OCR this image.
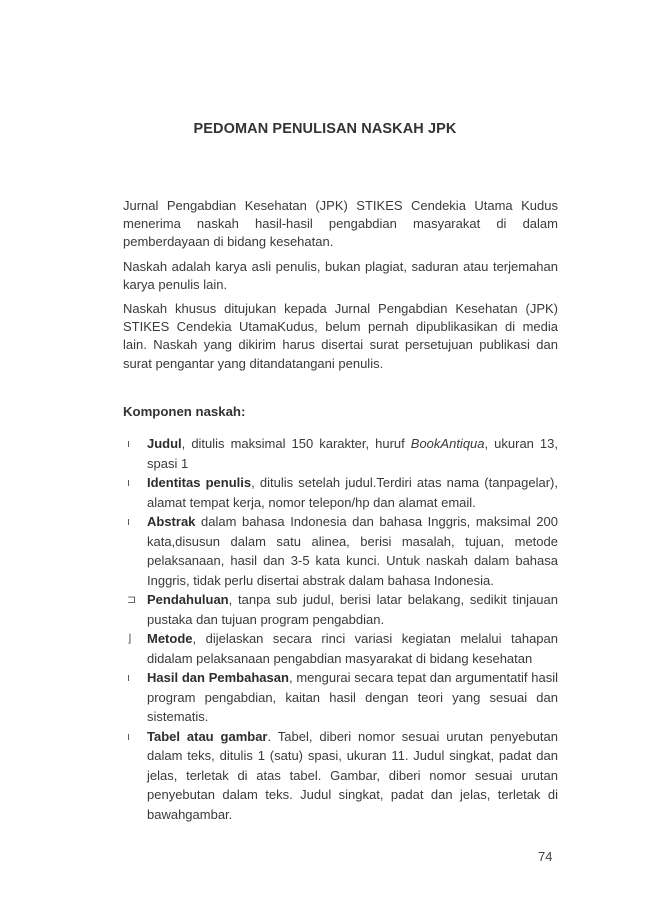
PEDOMAN PENULISAN NASKAH JPK

Jurnal Pengabdian Kesehatan (JPK) STIKES Cendekia Utama Kudus menerima naskah hasil-hasil pengabdian masyarakat di dalam pemberdayaan di bidang kesehatan.

Naskah adalah karya asli penulis, bukan plagiat, saduran atau terjemahan karya penulis lain.

Naskah khusus ditujukan kepada Jurnal Pengabdian Kesehatan (JPK) STIKES Cendekia UtamaKudus, belum pernah dipublikasikan di media lain. Naskah yang dikirim harus disertai surat persetujuan publikasi dan surat pengantar yang ditandatangani penulis.

Komponen naskah:
ı Judul, ditulis maksimal 150 karakter, huruf BookAntiqua, ukuran 13, spasi 1
ı Identitas penulis, ditulis setelah judul.Terdiri atas nama (tanpagelar), alamat tempat kerja, nomor telepon/hp dan alamat email.
ı Abstrak dalam bahasa Indonesia dan bahasa Inggris, maksimal 200 kata,disusun dalam satu alinea, berisi masalah, tujuan, metode pelaksanaan, hasil dan 3-5 kata kunci. Untuk naskah dalam bahasa Inggris, tidak perlu disertai abstrak dalam bahasa Indonesia.
⊐ Pendahuluan, tanpa sub judul, berisi latar belakang, sedikit tinjauan pustaka dan tujuan program pengabdian.
⌋ Metode, dijelaskan secara rinci variasi kegiatan melalui tahapan didalam pelaksanaan pengabdian masyarakat di bidang kesehatan
ı Hasil dan Pembahasan, mengurai secara tepat dan argumentatif hasil program pengabdian, kaitan hasil dengan teori yang sesuai dan sistematis.
ı Tabel atau gambar. Tabel, diberi nomor sesuai urutan penyebutan dalam teks, ditulis 1 (satu) spasi, ukuran 11. Judul singkat, padat dan jelas, terletak di atas tabel. Gambar, diberi nomor sesuai urutan penyebutan dalam teks. Judul singkat, padat dan jelas, terletak di bawahgambar.
74
